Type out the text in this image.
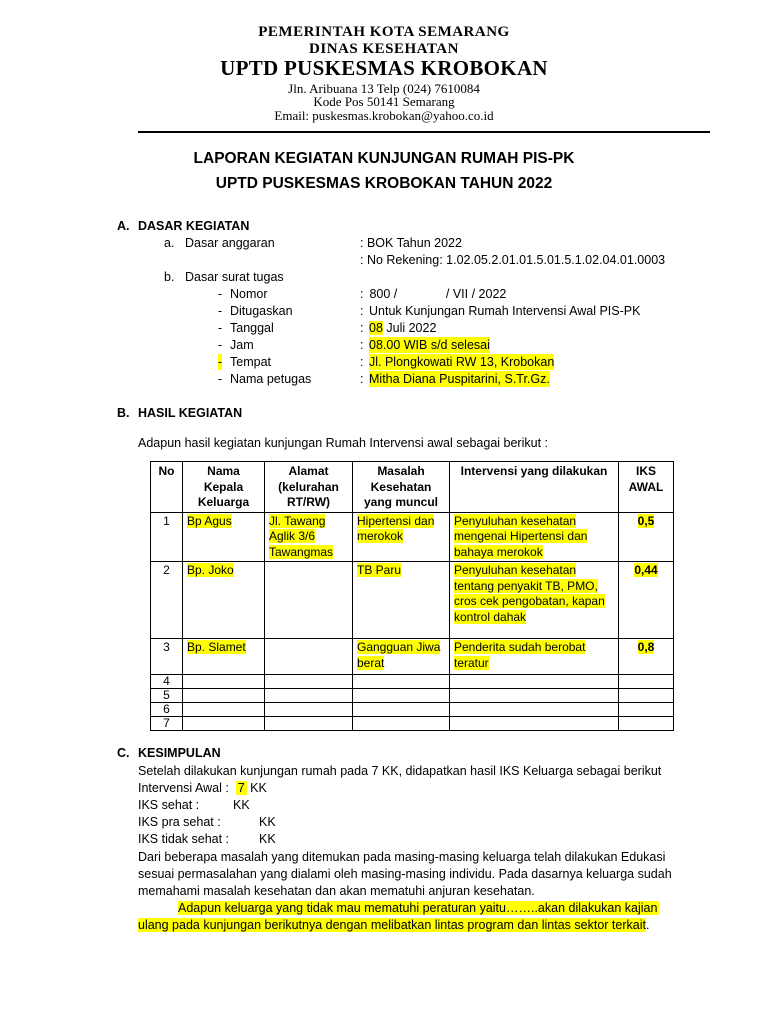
PEMERINTAH KOTA SEMARANG
DINAS KESEHATAN
UPTD PUSKESMAS KROBOKAN
Jln. Aribuana 13 Telp (024) 7610084
Kode Pos 50141 Semarang
Email: puskesmas.krobokan@yahoo.co.id
LAPORAN KEGIATAN KUNJUNGAN RUMAH PIS-PK
UPTD PUSKESMAS KROBOKAN TAHUN 2022
A. DASAR KEGIATAN
a. Dasar anggaran	: BOK Tahun 2022
: No Rekening: 1.02.05.2.01.01.5.01.5.1.02.04.01.0003
b. Dasar surat tugas
- Nomor	: 800 /              / VII / 2022
- Ditugaskan	: Untuk Kunjungan Rumah Intervensi Awal PIS-PK
- Tanggal	: 08 Juli 2022
- Jam	: 08.00 WIB s/d selesai
- Tempat	: Jl. Plongkowati RW 13, Krobokan
- Nama petugas	: Mitha Diana Puspitarini, S.Tr.Gz.
B. HASIL KEGIATAN
Adapun hasil kegiatan kunjungan Rumah Intervensi awal sebagai berikut :
No	Nama Kepala Keluarga	Alamat (kelurahan RT/RW)	Masalah Kesehatan yang muncul	Intervensi yang dilakukan	IKS AWAL
1	Bp Agus	Jl. Tawang Aglik 3/6 Tawangmas	Hipertensi dan merokok	Penyuluhan kesehatan mengenai Hipertensi dan bahaya merokok	0,5
2	Bp. Joko		TB Paru	Penyuluhan kesehatan tentang penyakit TB, PMO, cros cek pengobatan, kapan kontrol dahak	0,44
3	Bp. Slamet		Gangguan Jiwa berat	Penderita sudah berobat teratur	0,8
4					
5					
6					
7					
C. KESIMPULAN
Setelah dilakukan kunjungan rumah pada 7 KK, didapatkan hasil IKS Keluarga sebagai berikut
Intervensi Awal :  7 KK
IKS sehat :	KK
IKS pra sehat :	KK
IKS tidak sehat : KK
Dari beberapa masalah yang ditemukan pada masing-masing keluarga telah dilakukan Edukasi
sesuai permasalahan yang dialami oleh masing-masing individu. Pada dasarnya keluarga sudah
memahami masalah kesehatan dan akan mematuhi anjuran kesehatan.
Adapun keluarga yang tidak mau mematuhi peraturan yaitu……..akan dilakukan kajian
ulang pada kunjungan berikutnya dengan melibatkan lintas program dan lintas sektor terkait.
